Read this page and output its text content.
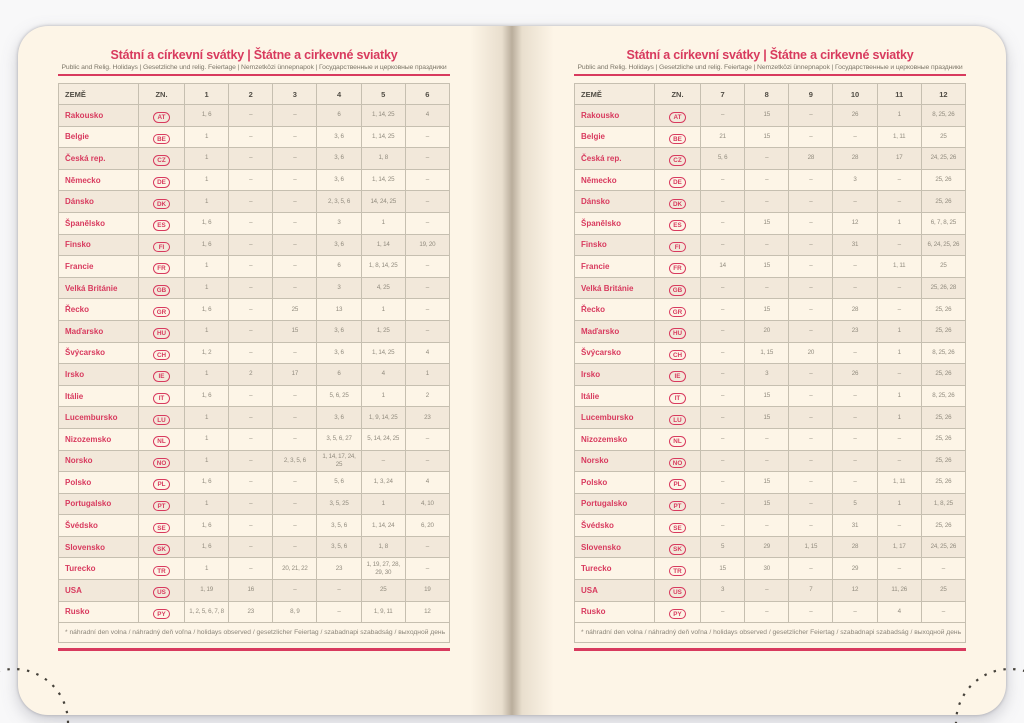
Státní a církevní svátky | Štátne a cirkevné sviatky

Public and Relig. Holidays | Gesetzliche und relig. Feiertage | Nemzetközi ünnepnapok | Государственные и церковные праздники

ZEMĚ	ZN.	1	2	3	4	5	6
Rakousko	AT	1, 6	–	–	6	1, 14, 25	4
Belgie	BE	1	–	–	3, 6	1, 14, 25	–
Česká rep.	CZ	1	–	–	3, 6	1, 8	–
Německo	DE	1	–	–	3, 6	1, 14, 25	–
Dánsko	DK	1	–	–	2, 3, 5, 6	14, 24, 25	–
Španělsko	ES	1, 6	–	–	3	1	–
Finsko	FI	1, 6	–	–	3, 6	1, 14	19, 20
Francie	FR	1	–	–	6	1, 8, 14, 25	–
Velká Británie	GB	1	–	–	3	4, 25	–
Řecko	GR	1, 6	–	25	13	1	–
Maďarsko	HU	1	–	15	3, 6	1, 25	–
Švýcarsko	CH	1, 2	–	–	3, 6	1, 14, 25	4
Irsko	IE	1	2	17	6	4	1
Itálie	IT	1, 6	–	–	5, 6, 25	1	2
Lucembursko	LU	1	–	–	3, 6	1, 9, 14, 25	23
Nizozemsko	NL	1	–	–	3, 5, 6, 27	5, 14, 24, 25	–
Norsko	NO	1	–	2, 3, 5, 6	1, 14, 17, 24, 25	–	–
Polsko	PL	1, 6	–	–	5, 6	1, 3, 24	4
Portugalsko	PT	1	–	–	3, 5, 25	1	4, 10
Švédsko	SE	1, 6	–	–	3, 5, 6	1, 14, 24	6, 20
Slovensko	SK	1, 6	–	–	3, 5, 6	1, 8	–
Turecko	TR	1	–	20, 21, 22	23	1, 19, 27, 28, 29, 30	–
USA	US	1, 19	16	–	–	25	19
Rusko	PY	1, 2, 5, 6, 7, 8	23	8, 9	–	1, 9, 11	12
* náhradní den volna / náhradný deň voľna / holidays observed / gesetzlicher Feiertag / szabadnapi szabadság / выходной день							
Státní a církevní svátky | Štátne a cirkevné sviatky

Public and Relig. Holidays | Gesetzliche und relig. Feiertage | Nemzetközi ünnepnapok | Государственные и церковные праздники

ZEMĚ	ZN.	7	8	9	10	11	12
Rakousko	AT	–	15	–	26	1	8, 25, 26
Belgie	BE	21	15	–	–	1, 11	25
Česká rep.	CZ	5, 6	–	28	28	17	24, 25, 26
Německo	DE	–	–	–	3	–	25, 26
Dánsko	DK	–	–	–	–	–	25, 26
Španělsko	ES	–	15	–	12	1	6, 7, 8, 25
Finsko	FI	–	–	–	31	–	6, 24, 25, 26
Francie	FR	14	15	–	–	1, 11	25
Velká Británie	GB	–	–	–	–	–	25, 26, 28
Řecko	GR	–	15	–	28	–	25, 26
Maďarsko	HU	–	20	–	23	1	25, 26
Švýcarsko	CH	–	1, 15	20	–	1	8, 25, 26
Irsko	IE	–	3	–	26	–	25, 26
Itálie	IT	–	15	–	–	1	8, 25, 26
Lucembursko	LU	–	15	–	–	1	25, 26
Nizozemsko	NL	–	–	–	–	–	25, 26
Norsko	NO	–	–	–	–	–	25, 26
Polsko	PL	–	15	–	–	1, 11	25, 26
Portugalsko	PT	–	15	–	5	1	1, 8, 25
Švédsko	SE	–	–	–	31	–	25, 26
Slovensko	SK	5	29	1, 15	28	1, 17	24, 25, 26
Turecko	TR	15	30	–	29	–	–
USA	US	3	–	7	12	11, 26	25
Rusko	PY	–	–	–	–	4	–
* náhradní den volna / náhradný deň voľna / holidays observed / gesetzlicher Feiertag / szabadnapi szabadság / выходной день							
